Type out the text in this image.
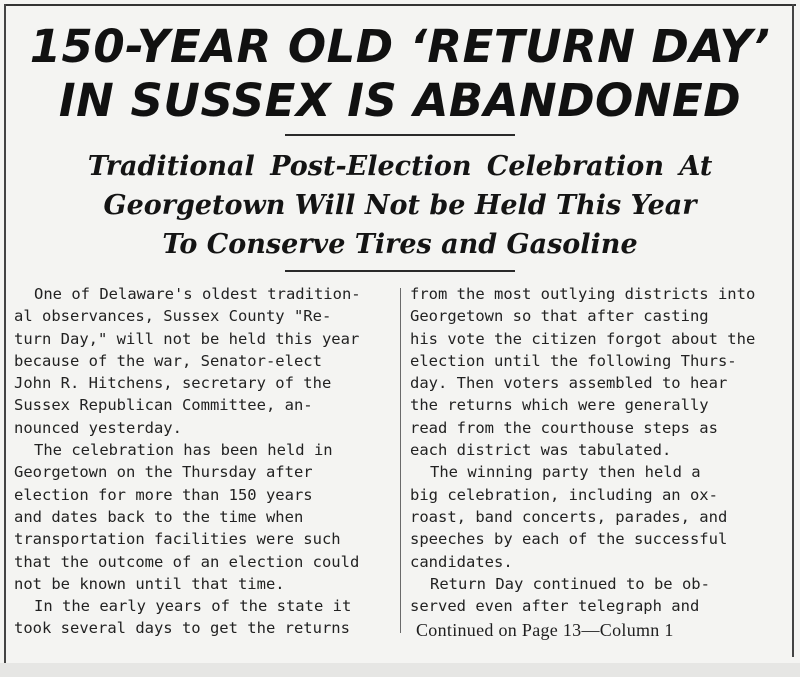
150-YEAR OLD ‘RETURN DAY’
IN SUSSEX IS ABANDONED
Traditional Post-Election Celebration At
Georgetown Will Not be Held This Year
To Conserve Tires and Gasoline
One of Delaware's oldest tradition-
al observances, Sussex County "Re-
turn Day," will not be held this year
because of the war, Senator-elect
John R. Hitchens, secretary of the
Sussex Republican Committee, an-
nounced yesterday.
The celebration has been held in
Georgetown on the Thursday after
election for more than 150 years
and dates back to the time when
transportation facilities were such
that the outcome of an election could
not be known until that time.
In the early years of the state it
took several days to get the returns
from the most outlying districts into
Georgetown so that after casting
his vote the citizen forgot about the
election until the following Thurs-
day. Then voters assembled to hear
the returns which were generally
read from the courthouse steps as
each district was tabulated.
The winning party then held a
big celebration, including an ox-
roast, band concerts, parades, and
speeches by each of the successful
candidates.
Return Day continued to be ob-
served even after telegraph and
Continued on Page 13—Column 1
